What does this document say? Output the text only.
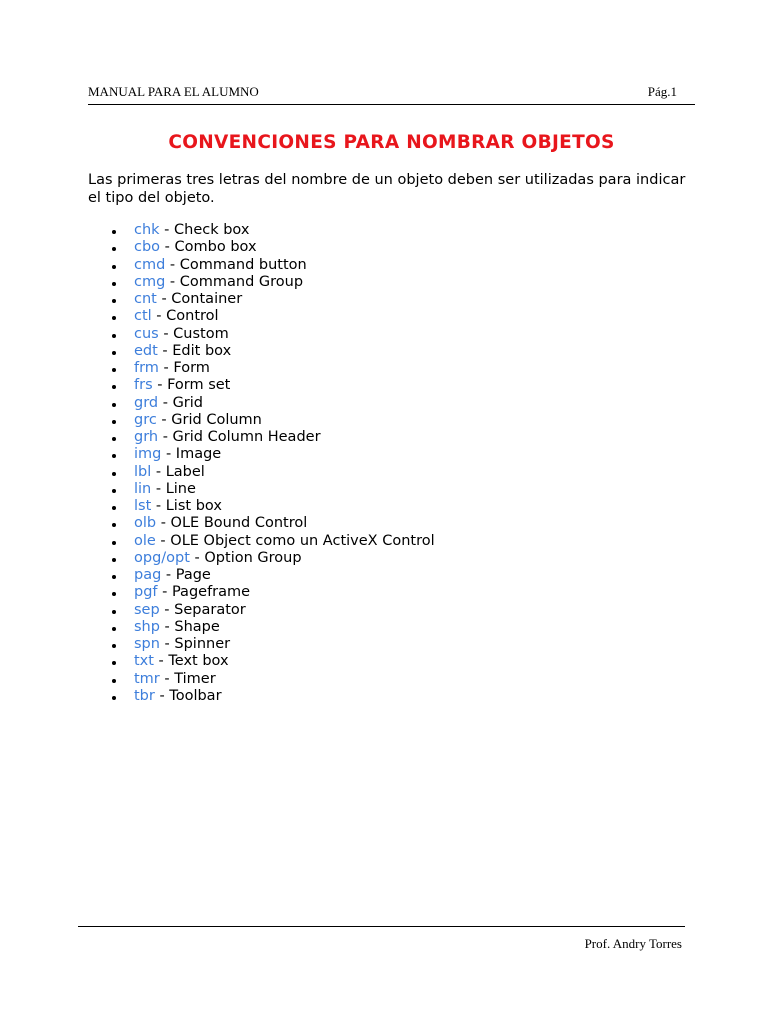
MANUAL PARA EL ALUMNO	Pág.1
CONVENCIONES PARA NOMBRAR OBJETOS
Las primeras tres letras del nombre de un objeto deben ser utilizadas para indicar el tipo del objeto.
chk - Check box
cbo - Combo box
cmd - Command button
cmg - Command Group
cnt - Container
ctl - Control
cus - Custom
edt - Edit box
frm - Form
frs - Form set
grd - Grid
grc - Grid Column
grh - Grid Column Header
img - Image
lbl - Label
lin - Line
lst - List box
olb - OLE Bound Control
ole - OLE Object como un ActiveX Control
opg/opt - Option Group
pag - Page
pgf - Pageframe
sep - Separator
shp - Shape
spn - Spinner
txt - Text box
tmr - Timer
tbr - Toolbar
Prof. Andry Torres
